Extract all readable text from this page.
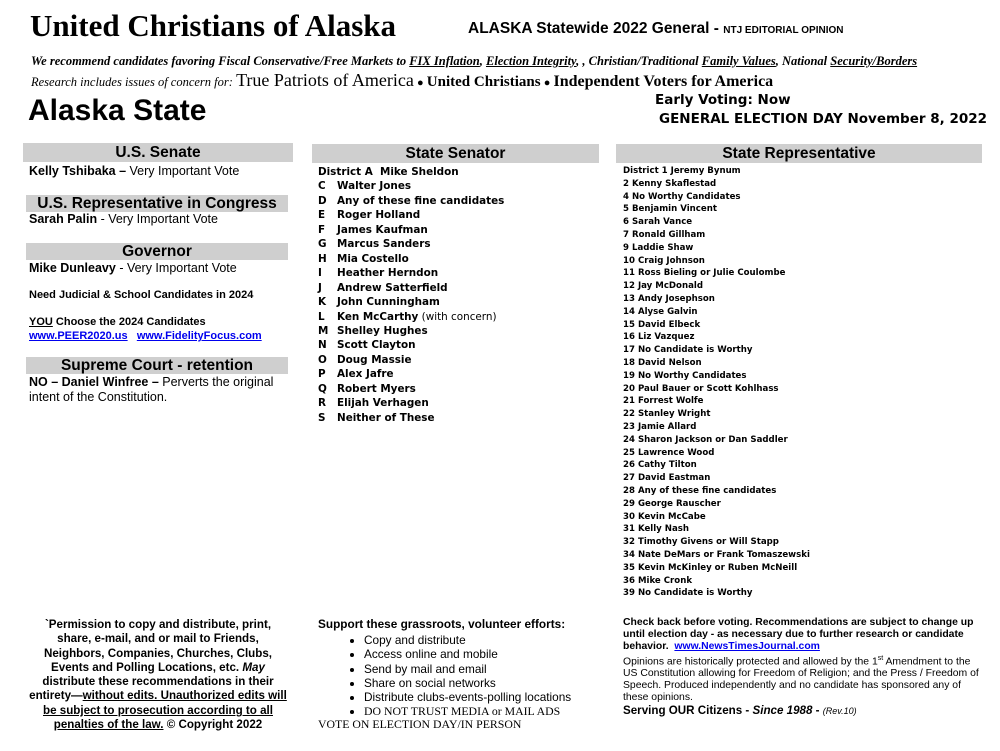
United Christians of Alaska	ALASKA Statewide 2022 General - NTJ EDITORIAL OPINION
We recommend candidates favoring Fiscal Conservative/Free Markets to FIX Inflation, Election Integrity, , Christian/Traditional Family Values, National Security/Borders
Research includes issues of concern for: True Patriots of America ● United Christians ● Independent Voters for America
Alaska State	Early Voting: Now
GENERAL ELECTION DAY November 8, 2022
U.S. Senate
Kelly Tshibaka – Very Important Vote
U.S. Representative in Congress
Sarah Palin - Very Important Vote
Governor
Mike Dunleavy - Very Important Vote
Need Judicial & School Candidates in 2024
YOU Choose the 2024 Candidates
www.PEER2020.us www.FidelityFocus.com
Supreme Court - retention
NO – Daniel Winfree – Perverts the original intent of the Constitution.
State Senator
District A Mike Sheldon
C Walter Jones
D Any of these fine candidates
E Roger Holland
F James Kaufman
G Marcus Sanders
H Mia Costello
I Heather Herndon
J Andrew Satterfield
K John Cunningham
L Ken McCarthy (with concern)
M Shelley Hughes
N Scott Clayton
O Doug Massie
P Alex Jafre
Q Robert Myers
R Elijah Verhagen
S Neither of These
State Representative
District 1 Jeremy Bynum
2 Kenny Skaflestad
4 No Worthy Candidates
5 Benjamin Vincent
6 Sarah Vance
7 Ronald Gillham
9 Laddie Shaw
10 Craig Johnson
11 Ross Bieling or Julie Coulombe
12 Jay McDonald
13 Andy Josephson
14 Alyse Galvin
15 David Elbeck
16 Liz Vazquez
17 No Candidate is Worthy
18 David Nelson
19 No Worthy Candidates
20 Paul Bauer or Scott Kohlhass
21 Forrest Wolfe
22 Stanley Wright
23 Jamie Allard
24 Sharon Jackson or Dan Saddler
25 Lawrence Wood
26 Cathy Tilton
27 David Eastman
28 Any of these fine candidates
29 George Rauscher
30 Kevin McCabe
31 Kelly Nash
32 Timothy Givens or Will Stapp
34 Nate DeMars or Frank Tomaszewski
35 Kevin McKinley or Ruben McNeill
36 Mike Cronk
39 No Candidate is Worthy
`Permission to copy and distribute, print, share, e-mail, and or mail to Friends, Neighbors, Companies, Churches, Clubs, Events and Polling Locations, etc. May distribute these recommendations in their entirety—without edits. Unauthorized edits will be subject to prosecution according to all penalties of the law. © Copyright 2022
Support these grassroots, volunteer efforts:
• Copy and distribute
• Access online and mobile
• Send by mail and email
• Share on social networks
• Distribute clubs-events-polling locations
• DO NOT TRUST MEDIA or MAIL ADS
VOTE ON ELECTION DAY/IN PERSON
Check back before voting. Recommendations are subject to change up until election day - as necessary due to further research or candidate behavior. www.NewsTimesJournal.com
Opinions are historically protected and allowed by the 1st Amendment to the US Constitution allowing for Freedom of Religion; and the Press / Freedom of Speech. Produced independently and no candidate has sponsored any of these opinions.
Serving OUR Citizens - Since 1988 - (Rev.10)
